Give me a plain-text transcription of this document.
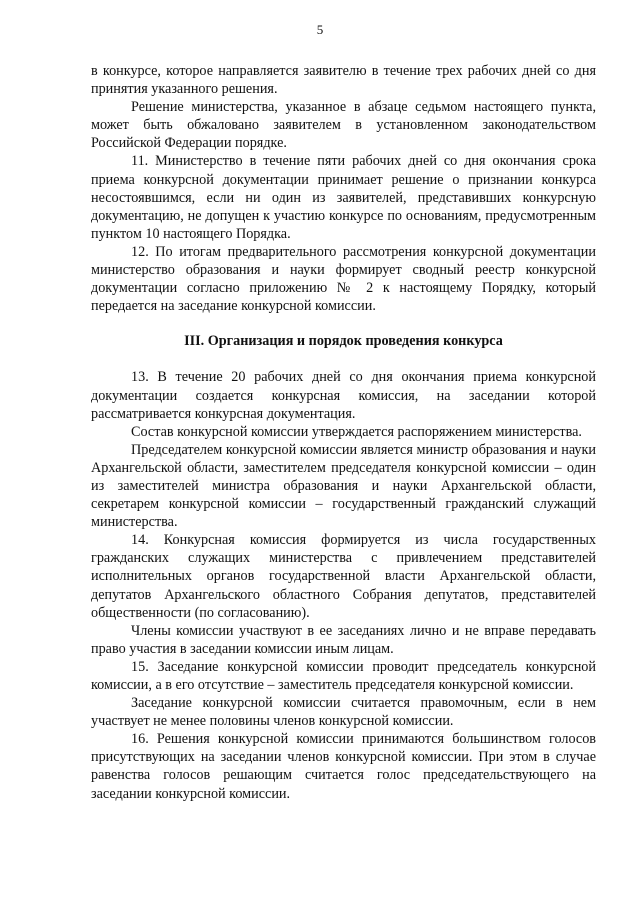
5

в конкурсе, которое направляется заявителю в течение трех рабочих дней со дня принятия указанного решения.

Решение министерства, указанное в абзаце седьмом настоящего пункта, может быть обжаловано заявителем в установленном законодательством Российской Федерации порядке.

11. Министерство в течение пяти рабочих дней со дня окончания срока приема конкурсной документации принимает решение о признании конкурса несостоявшимся, если ни один из заявителей, представивших конкурсную документацию, не допущен к участию конкурсе по основаниям, предусмотренным пунктом 10 настоящего Порядка.

12. По итогам предварительного рассмотрения конкурсной документации министерство образования и науки формирует сводный реестр конкурсной документации согласно приложению № 2 к настоящему Порядку, который передается на заседание конкурсной комиссии.

III. Организация и порядок проведения конкурса

13. В течение 20 рабочих дней со дня окончания приема конкурсной документации создается конкурсная комиссия, на заседании которой рассматривается конкурсная документация.

Состав конкурсной комиссии утверждается распоряжением министерства.

Председателем конкурсной комиссии является министр образования и науки Архангельской области, заместителем председателя конкурсной комиссии – один из заместителей министра образования и науки Архангельской области, секретарем конкурсной комиссии – государственный гражданский служащий министерства.

14. Конкурсная комиссия формируется из числа государственных гражданских служащих министерства с привлечением представителей исполнительных органов государственной власти Архангельской области, депутатов Архангельского областного Собрания депутатов, представителей общественности (по согласованию).

Члены комиссии участвуют в ее заседаниях лично и не вправе передавать право участия в заседании комиссии иным лицам.

15. Заседание конкурсной комиссии проводит председатель конкурсной комиссии, а в его отсутствие – заместитель председателя конкурсной комиссии.

Заседание конкурсной комиссии считается правомочным, если в нем участвует не менее половины членов конкурсной комиссии.

16. Решения конкурсной комиссии принимаются большинством голосов присутствующих на заседании членов конкурсной комиссии. При этом в случае равенства голосов решающим считается голос председательствующего на заседании конкурсной комиссии.
